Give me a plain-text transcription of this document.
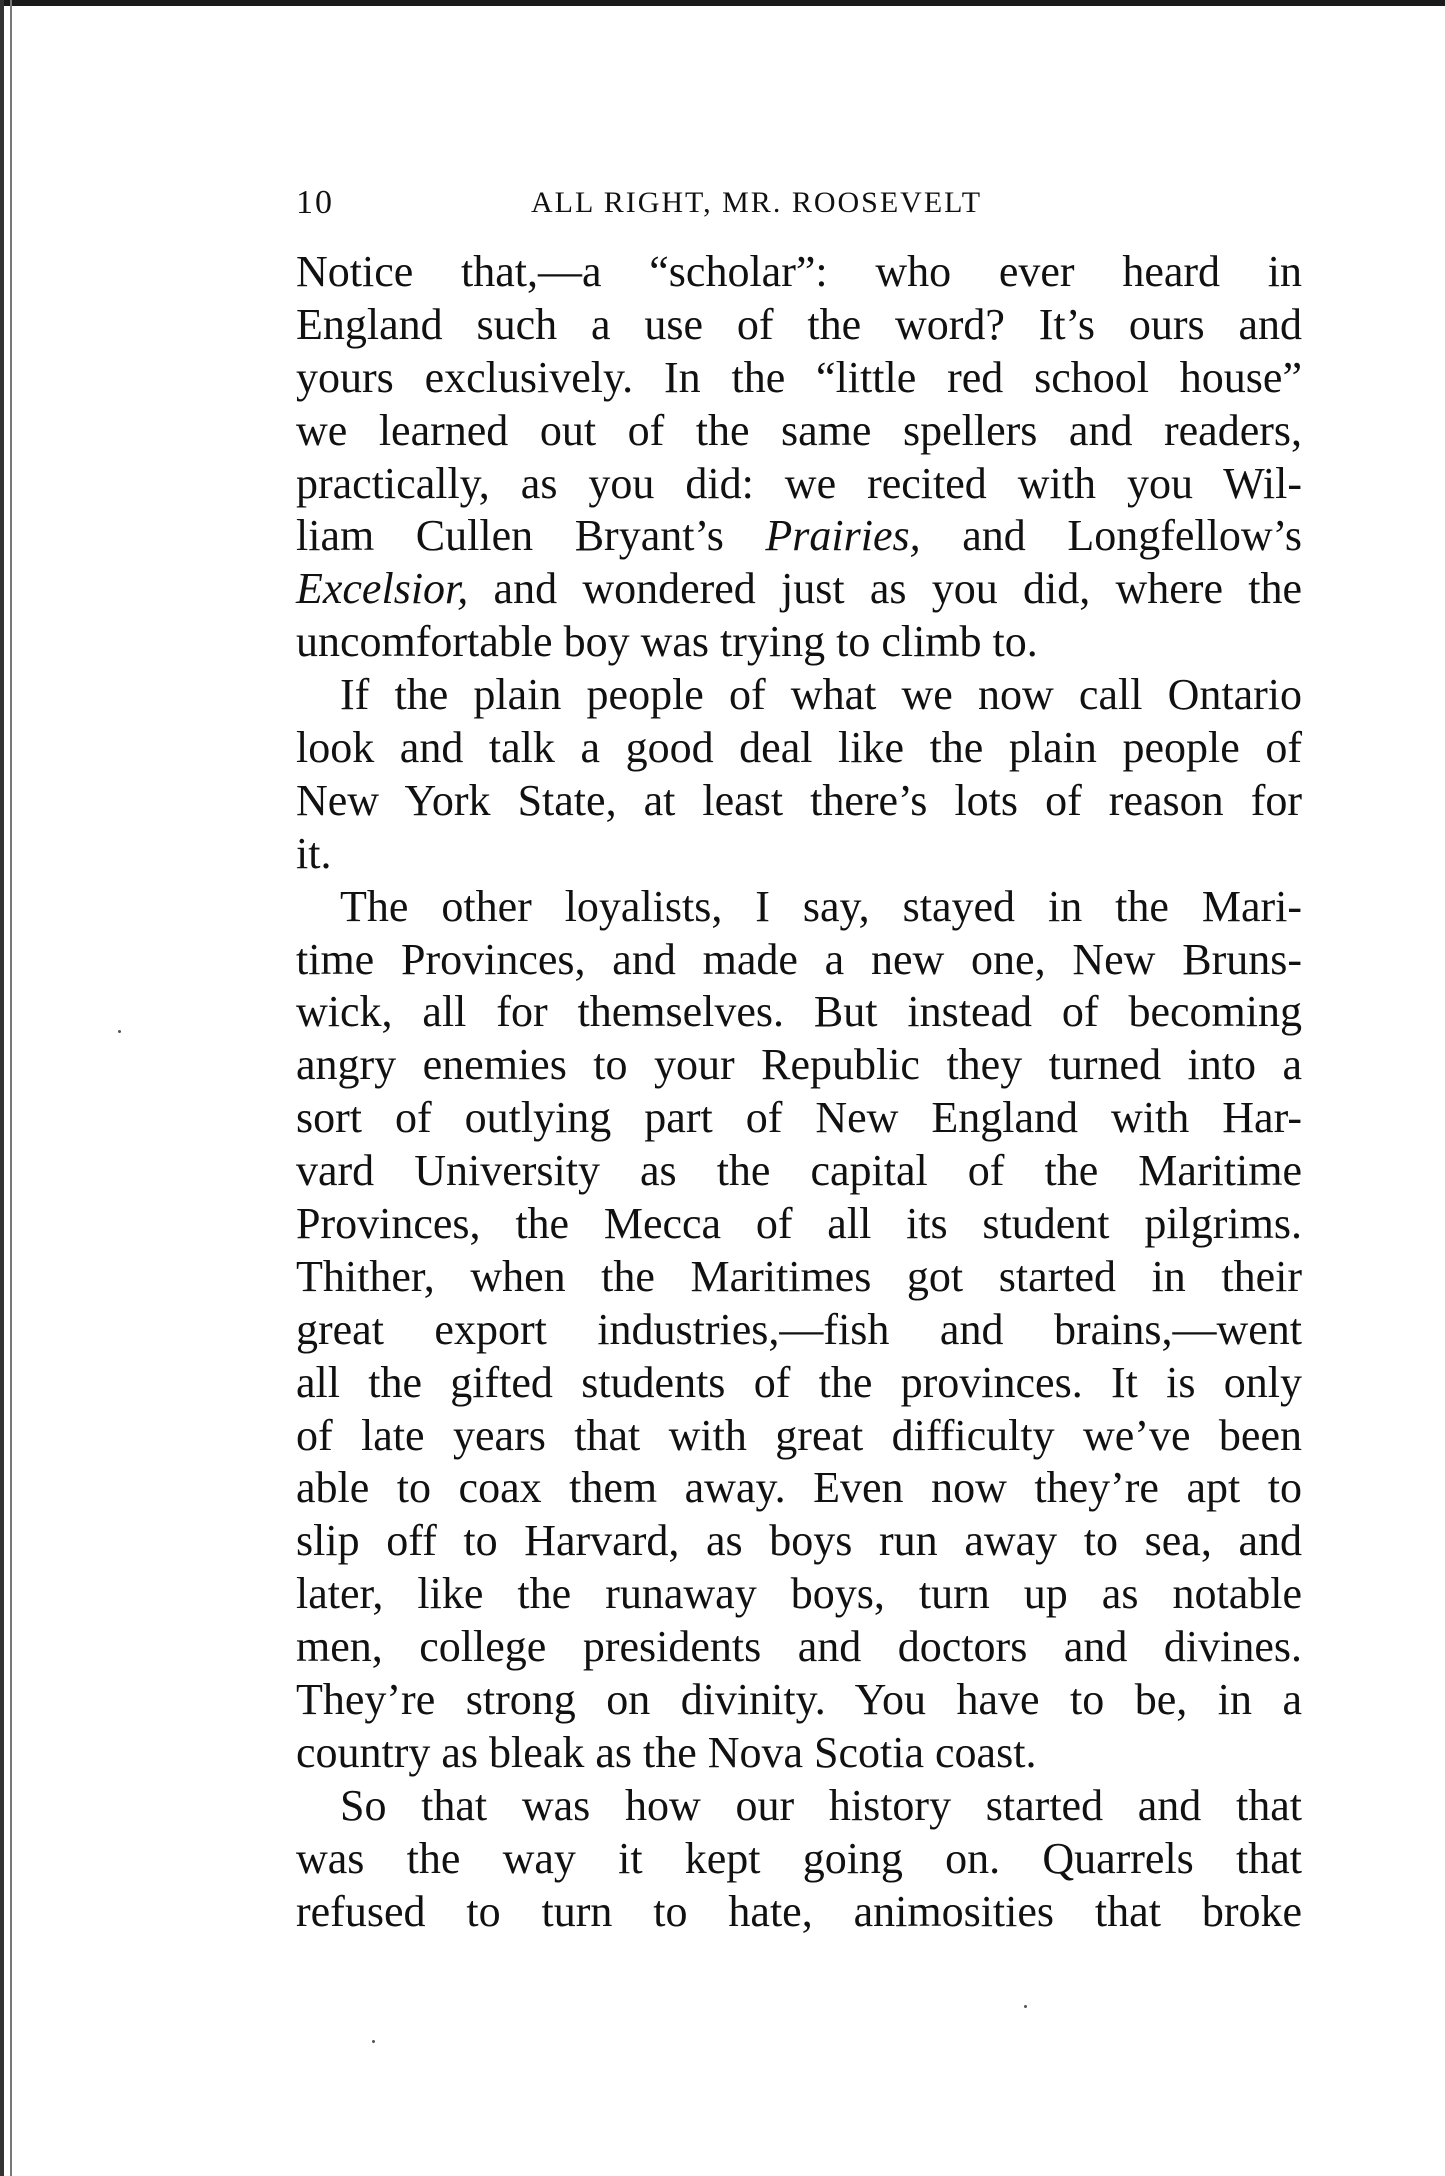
10	ALL RIGHT, MR. ROOSEVELT
Notice that,—a “scholar”: who ever heard in
England such a use of the word? It’s ours and
yours exclusively. In the “little red school house”
we learned out of the same spellers and readers,
practically, as you did: we recited with you Wil-
liam Cullen Bryant’s Prairies, and Longfellow’s
Excelsior, and wondered just as you did, where the
uncomfortable boy was trying to climb to.
If the plain people of what we now call Ontario
look and talk a good deal like the plain people of
New York State, at least there’s lots of reason for
it.
The other loyalists, I say, stayed in the Mari-
time Provinces, and made a new one, New Bruns-
wick, all for themselves. But instead of becoming
angry enemies to your Republic they turned into a
sort of outlying part of New England with Har-
vard University as the capital of the Maritime
Provinces, the Mecca of all its student pilgrims.
Thither, when the Maritimes got started in their
great export industries,—fish and brains,—went
all the gifted students of the provinces. It is only
of late years that with great difficulty we’ve been
able to coax them away. Even now they’re apt to
slip off to Harvard, as boys run away to sea, and
later, like the runaway boys, turn up as notable
men, college presidents and doctors and divines.
They’re strong on divinity. You have to be, in a
country as bleak as the Nova Scotia coast.
So that was how our history started and that
was the way it kept going on. Quarrels that
refused to turn to hate, animosities that broke
